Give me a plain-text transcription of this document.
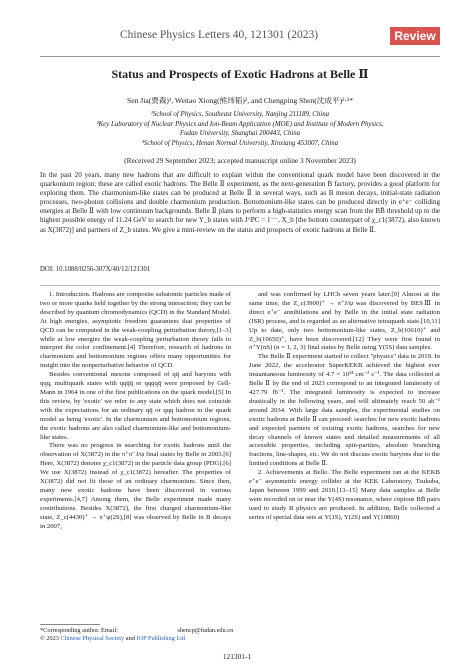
Chinese Physics Letters 40, 121301 (2023)	Review
Status and Prospects of Exotic Hadrons at Belle Ⅱ
Sen Jia(贾森)¹, Weitao Xiong(熊玮韬)², and Chengping Shen(沈成平)²·³*
¹School of Physics, Southeast University, Nanjing 211189, China
²Key Laboratory of Nuclear Physics and Ion-Beam Application (MOE) and Institute of Modern Physics,
Fudan University, Shanghai 200443, China
³School of Physics, Henan Normal University, Xinxiang 453007, China
(Received 29 September 2023; accepted manuscript online 3 November 2023)
In the past 20 years, many new hadrons that are difficult to explain within the conventional quark model have been discovered in the quarkonium region; these are called exotic hadrons. The Belle Ⅱ experiment, as the next-generation B factory, provides a good platform for exploring them. The charmonium-like states can be produced at Belle Ⅱ in several ways, such as B meson decays, initial-state radiation processes, two-photon collisions and double charmonium production. Bottomonium-like states can be produced directly in e⁺e⁻ colliding energies at Belle Ⅱ with low continuum backgrounds. Belle Ⅱ plans to perform a high-statistics energy scan from the BB̄ threshold up to the highest possible energy of 11.24 GeV to search for new Y_b states with J^PC = 1⁻⁻, X_b [the bottom counterpart of χ_c1(3872), also known as X(3872)] and partners of Z_b states. We give a mini-review on the status and prospects of exotic hadrons at Belle Ⅱ.
DOI: 10.1088/0256-307X/40/12/121301

1. Introduction. Hadrons are composite subatomic particles made of two or more quarks held together by the strong interaction; they can be described by quantum chromodynamics (QCD) in the Standard Model. At high energies, asymptotic freedom guarantees that properties of QCD can be computed in the weak-coupling perturbation theory,[1–3] while at low energies the weak-coupling perturbation theory fails to interpret the color confinement.[4] Therefore, research of hadrons in charmonium and bottomonium regions offers many opportunities for insight into the nonperturbative behavior of QCD.

Besides conventional mesons composed of qq̄ and baryons with qqq, multiquark states with qqq̄q̄ or qqqqq̄ were proposed by Gell-Mann in 1964 in one of the first publications on the quark model.[5] In this review, by 'exotic' we refer to any state which does not coincide with the expectations for an ordinary qq̄ or qqq hadron in the quark model as being 'exotic'. In the charmonium and bottomonium regions, the exotic hadrons are also called charmonium-like and bottomonium-like states.

There was no progress in searching for exotic hadrons until the observation of X(3872) in the π⁺π⁻J/ψ final states by Belle in 2003.[6] Here, X(3872) denotes χ_c1(3872) in the particle data group (PDG).[6] We use X(3872) instead of χ_c1(3872) hereafter. The properties of X(3872) did not fit those of an ordinary charmonium. Since then, many new exotic hadrons have been discovered in various experiments.[4,7] Among them, the Belle experiment made many contributions. Besides X(3872), the first charged charmonium-like state, Z_c(4430)⁺ → π⁺ψ(2S),[8] was observed by Belle in B decays in 2007,

and was confirmed by LHCb seven years later.[9] Almost at the same time, the Z_c(3900)⁺ → π⁺J/ψ was discovered by BESⅢ in direct e⁺e⁻ annihilations and by Belle in the initial state radiation (ISR) process, and is regarded as an alternative tetraquark state.[10,11] Up to date, only two bottomonium-like states, Z_b(10610)⁺ and Z_b(10650)⁺, have been discovered.[12] They were first found in π⁺Υ(nS) (n = 1, 2, 3) final states by Belle using Υ(5S) data samples.

The Belle Ⅱ experiment started to collect "physics" data in 2019. In June 2022, the accelerator SuperKEKB achieved the highest ever instantaneous luminosity of 4.7 × 10³⁴ cm⁻² s⁻¹. The data collected at Belle Ⅱ by the end of 2023 correspond to an integrated luminosity of 427.79 fb⁻¹. The integrated luminosity is expected to increase drastically in the following years, and will ultimately reach 50 ab⁻¹ around 2034. With large data samples, the experimental studies on exotic hadrons at Belle Ⅱ can proceed: searches for new exotic hadrons and expected partners of existing exotic hadrons, searches for new decay channels of known states and detailed measurements of all accessible properties, including spin-parities, absolute branching fractions, line-shapes, etc. We do not discuss exotic baryons due to the limited conditions at Belle Ⅱ.

2. Achievements at Belle. The Belle experiment ran at the KEKB e⁺e⁻ asymmetric energy collider at the KEK Laboratory, Tsukuba, Japan between 1999 and 2010.[13–15] Many data samples at Belle were recorded on or near the Υ(4S) resonance, where copious BB̄ pairs used to study B physics are produced. In addition, Belle collected a series of special data sets at Υ(1S), Υ(2S) and Υ(10860)

*Corresponding author. Email:	shencp@fudan.edu.cn
© 2023 Chinese Physical Society and IOP Publishing Ltd
121301-1
